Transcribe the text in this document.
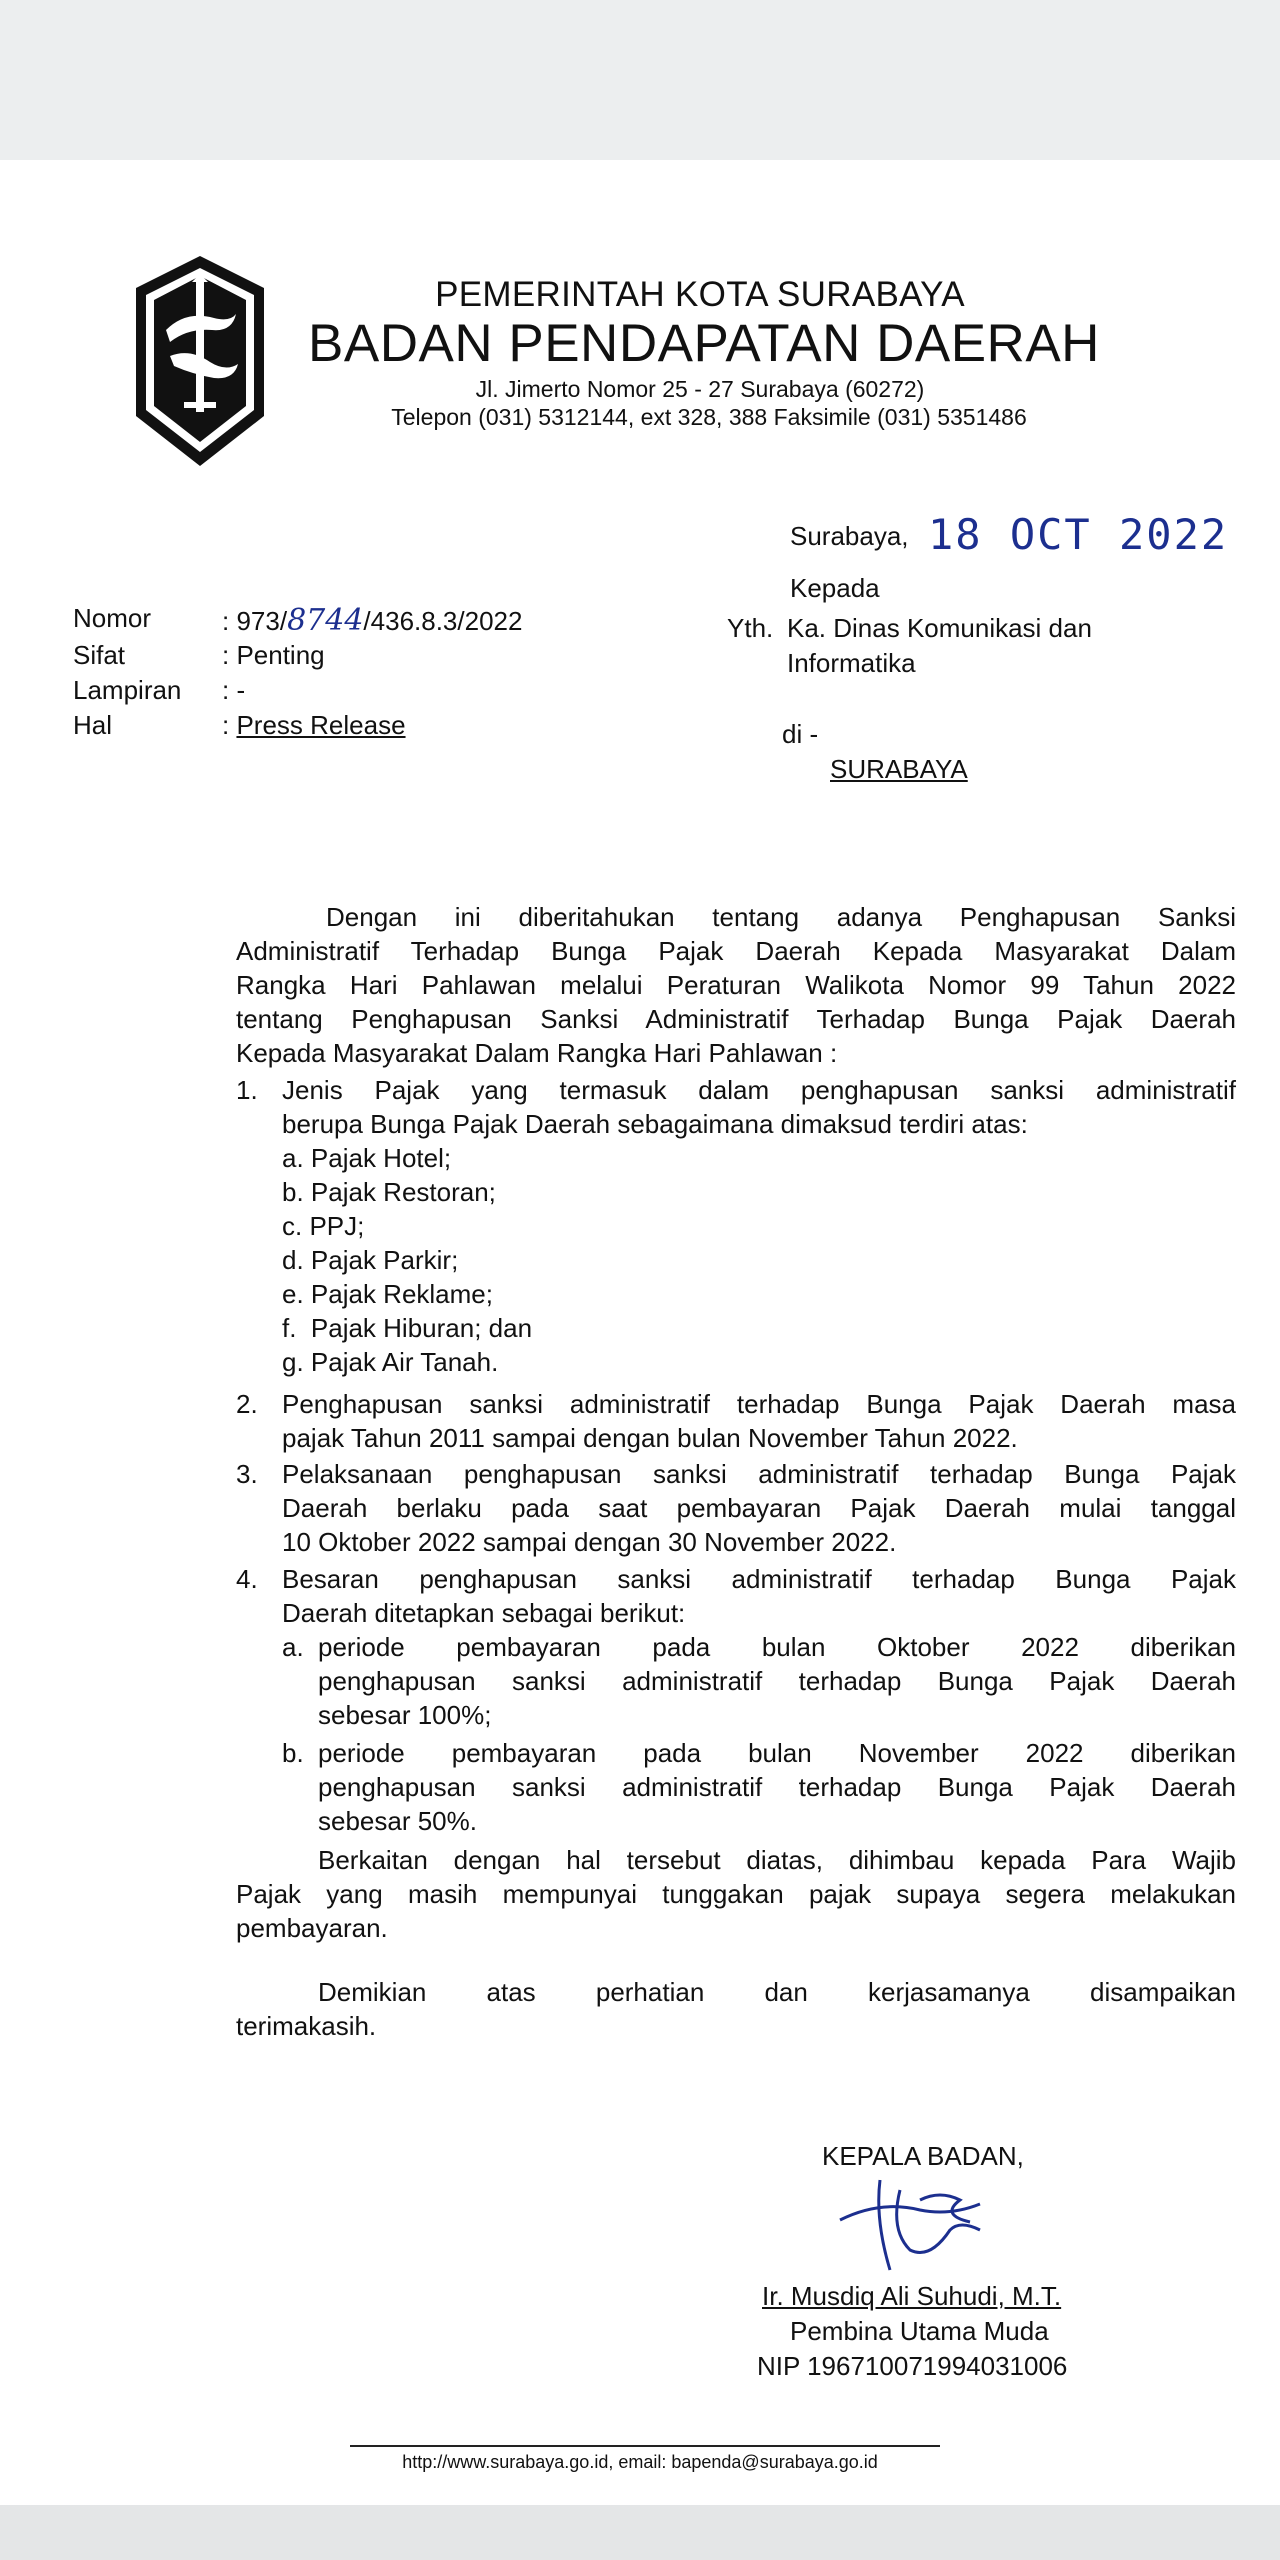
PEMERINTAH KOTA SURABAYA
BADAN PENDAPATAN DAERAH
Jl. Jimerto Nomor 25 - 27 Surabaya (60272)
Telepon (031) 5312144, ext 328, 388 Faksimile (031) 5351486
Surabaya, 18 OCT 2022
Kepada
Yth. Ka. Dinas Komunikasi dan
Informatika
di -
SURABAYA
Nomor	: 973/8744/436.8.3/2022
Sifat	: Penting
Lampiran : -
Hal	: Press Release
Dengan ini diberitahukan tentang adanya Penghapusan Sanksi
Administratif Terhadap Bunga Pajak Daerah Kepada Masyarakat Dalam
Rangka Hari Pahlawan melalui Peraturan Walikota Nomor 99 Tahun 2022
tentang Penghapusan Sanksi Administratif Terhadap Bunga Pajak Daerah
Kepada Masyarakat Dalam Rangka Hari Pahlawan :
1. Jenis Pajak yang termasuk dalam penghapusan sanksi administratif
berupa Bunga Pajak Daerah sebagaimana dimaksud terdiri atas:
a. Pajak Hotel;
b. Pajak Restoran;
c. PPJ;
d. Pajak Parkir;
e. Pajak Reklame;
f.  Pajak Hiburan; dan
g. Pajak Air Tanah.
2. Penghapusan sanksi administratif terhadap Bunga Pajak Daerah masa
pajak Tahun 2011 sampai dengan bulan November Tahun 2022.
3. Pelaksanaan penghapusan sanksi administratif terhadap Bunga Pajak
Daerah berlaku pada saat pembayaran Pajak Daerah mulai tanggal
10 Oktober 2022 sampai dengan 30 November 2022.
4. Besaran penghapusan sanksi administratif terhadap Bunga Pajak
Daerah ditetapkan sebagai berikut:
a. periode pembayaran pada bulan Oktober 2022 diberikan
penghapusan sanksi administratif terhadap Bunga Pajak Daerah
sebesar 100%;
b. periode pembayaran pada bulan November 2022 diberikan
penghapusan sanksi administratif terhadap Bunga Pajak Daerah
sebesar 50%.
Berkaitan dengan hal tersebut diatas, dihimbau kepada Para Wajib
Pajak yang masih mempunyai tunggakan pajak supaya segera melakukan
pembayaran.
Demikian atas perhatian dan kerjasamanya disampaikan
terimakasih.
KEPALA BADAN,
Ir. Musdiq Ali Suhudi, M.T.
Pembina Utama Muda
NIP 196710071994031006
http://www.surabaya.go.id, email: bapenda@surabaya.go.id
